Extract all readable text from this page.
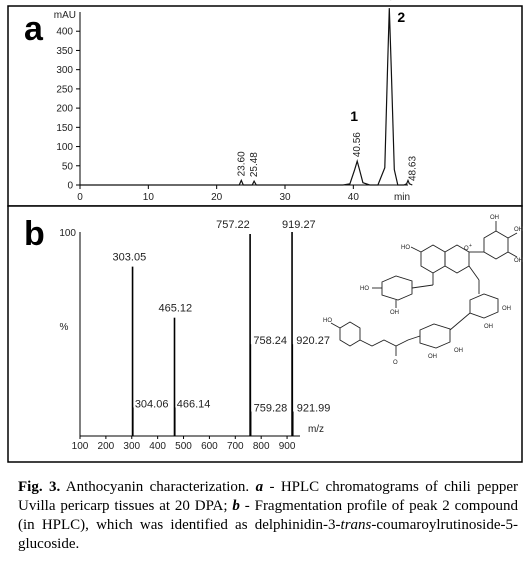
a
b
0
50
100
150
200
250
300
350
400
0	10	20	30	40
mAU
min
23.60 25.48
40.56
48.63
1
2
100
%
m/z
100 200 300 400 500 600 700 800 900
303.05
304.06
465.12
466.14
757.22
758.24
759.28
919.27
920.27
921.99
OH
OH
OH
HO	O +
HO
OH
OH
OH
HO
O
OH
OH
Fig. 3. Anthocyanin characterization. a - HPLC chromatograms of chili pepper Uvilla pericarp tissues at 20 DPA; b - Fragmentation profile of peak 2 compound (in HPLC), which was identified as delphinidin-3-trans-coumaroylrutinoside-5-glucoside.
